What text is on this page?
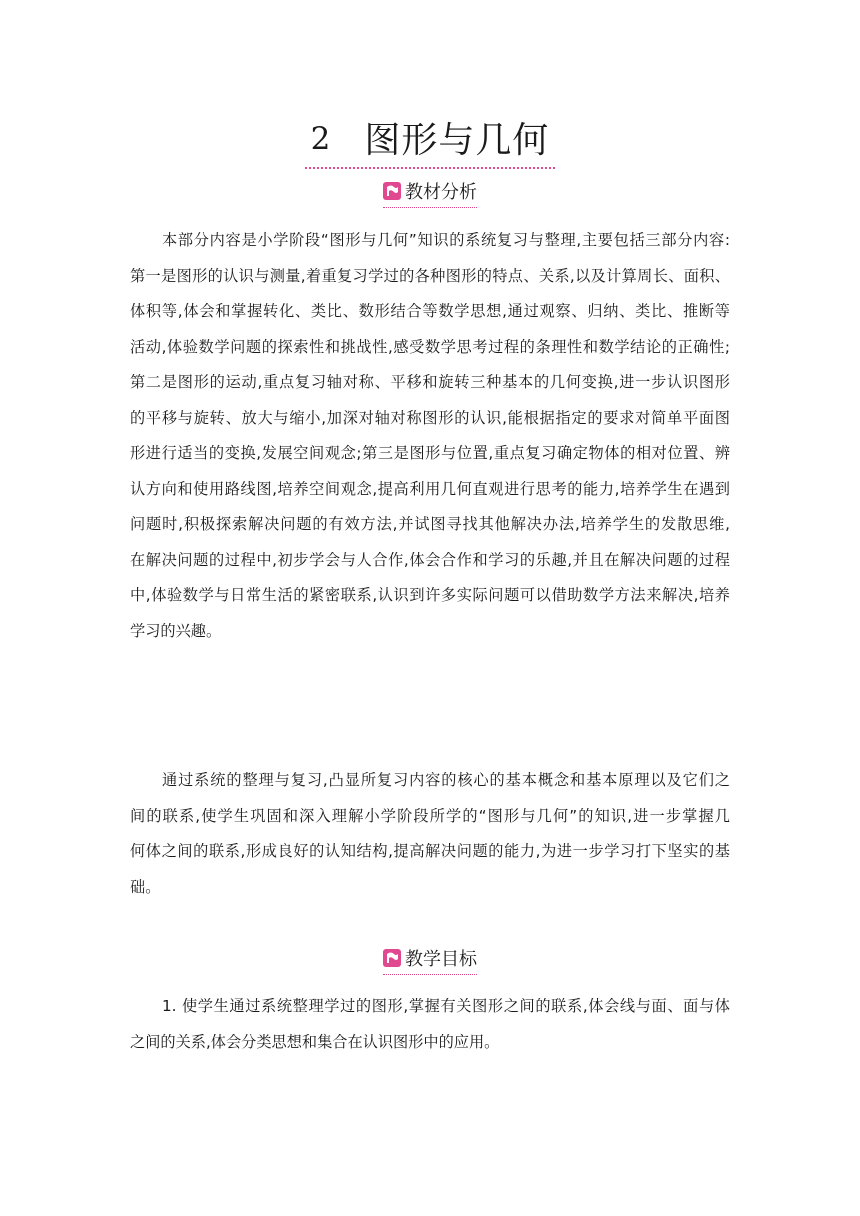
2 图形与几何
教材分析
本部分内容是小学阶段“图形与几何”知识的系统复习与整理,主要包括三部分内容:
第一是图形的认识与测量,着重复习学过的各种图形的特点、关系,以及计算周长、面积、
体积等,体会和掌握转化、类比、数形结合等数学思想,通过观察、归纳、类比、推断等
活动,体验数学问题的探索性和挑战性,感受数学思考过程的条理性和数学结论的正确性;
第二是图形的运动,重点复习轴对称、平移和旋转三种基本的几何变换,进一步认识图形
的平移与旋转、放大与缩小,加深对轴对称图形的认识,能根据指定的要求对简单平面图
形进行适当的变换,发展空间观念;第三是图形与位置,重点复习确定物体的相对位置、辨
认方向和使用路线图,培养空间观念,提高利用几何直观进行思考的能力,培养学生在遇到
问题时,积极探索解决问题的有效方法,并试图寻找其他解决办法,培养学生的发散思维,
在解决问题的过程中,初步学会与人合作,体会合作和学习的乐趣,并且在解决问题的过程
中,体验数学与日常生活的紧密联系,认识到许多实际问题可以借助数学方法来解决,培养
学习的兴趣。
通过系统的整理与复习,凸显所复习内容的核心的基本概念和基本原理以及它们之
间的联系,使学生巩固和深入理解小学阶段所学的“图形与几何”的知识,进一步掌握几
何体之间的联系,形成良好的认知结构,提高解决问题的能力,为进一步学习打下坚实的基
础。
教学目标
1. 使学生通过系统整理学过的图形,掌握有关图形之间的联系,体会线与面、面与体
之间的关系,体会分类思想和集合在认识图形中的应用。
